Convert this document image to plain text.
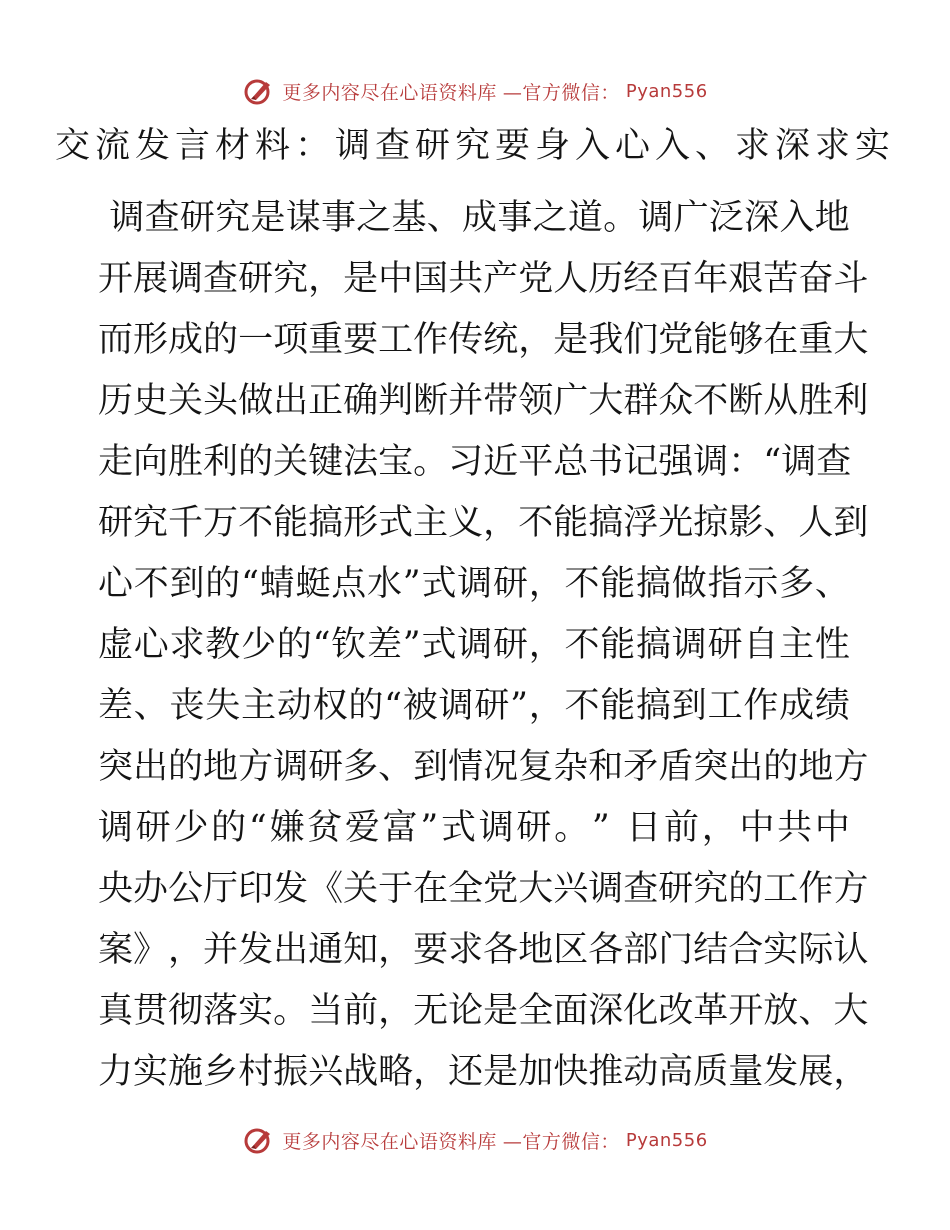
更多内容尽在心语资料库 —官方微信： Pyan556
交流发言材料：调查研究要身入心入、求深求实

调 查 研 究 是 谋 事 之 基 、 成 事 之 道 。 调 广 泛 深 入 地
开 展 调 查 研 究 ， 是 中 国 共 产 党 人 历 经 百 年 艰 苦 奋 斗
而 形 成 的 一 项 重 要 工 作 传 统 ， 是 我 们 党 能 够 在 重 大
历 史 关 头 做 出 正 确 判 断 并 带 领 广 大 群 众 不 断 从 胜 利
走 向 胜 利 的 关 键 法 宝 。 习 近 平 总 书 记 强 调 ： “ 调 查
研 究 千 万 不 能 搞 形 式 主 义 ， 不 能 搞 浮 光 掠 影 、 人 到
心 不 到 的 “ 蜻 蜓 点 水 ” 式 调 研 ， 不 能 搞 做 指 示 多 、
虚 心 求 教 少 的 “ 钦 差 ” 式 调 研 ， 不 能 搞 调 研 自 主 性
差 、 丧 失 主 动 权 的 “ 被 调 研 ” ， 不 能 搞 到 工 作 成 绩
突 出 的 地 方 调 研 多 、 到 情 况 复 杂 和 矛 盾 突 出 的 地 方
调 研 少 的 “ 嫌 贫 爱 富 ” 式 调 研 。 ”
日 前 ， 中 共 中
央 办 公 厅 印 发 《 关 于 在 全 党 大 兴 调 查 研 究 的 工 作 方
案 》 ， 并 发 出 通 知 ， 要 求 各 地 区 各 部 门 结 合 实 际 认
真 贯 彻 落 实 。 当 前 ， 无 论 是 全 面 深 化 改 革 开 放 、 大
力 实 施 乡 村 振 兴 战 略 ， 还 是 加 快 推 动 高 质 量 发 展 ，
更多内容尽在心语资料库 —官方微信： Pyan556
